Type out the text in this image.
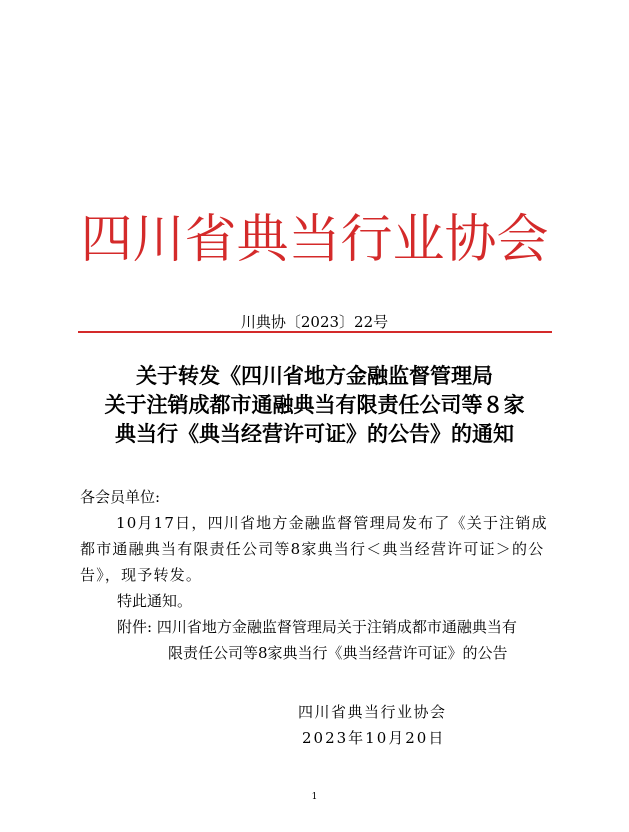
四川省典当行业协会
川典协〔2023〕22号
关于转发《四川省地方金融监督管理局
关于注销成都市通融典当有限责任公司等８家
典当行《典当经营许可证》的公告》的通知
各会员单位:
10月17日，四川省地方金融监督管理局发布了《关于注销成都市通融典当有限责任公司等8家典当行＜典当经营许可证＞的公告》，现予转发。
特此通知。
附件: 四川省地方金融监督管理局关于注销成都市通融典当有
限责任公司等8家典当行《典当经营许可证》的公告
四川省典当行业协会
2023年10月20日
1
